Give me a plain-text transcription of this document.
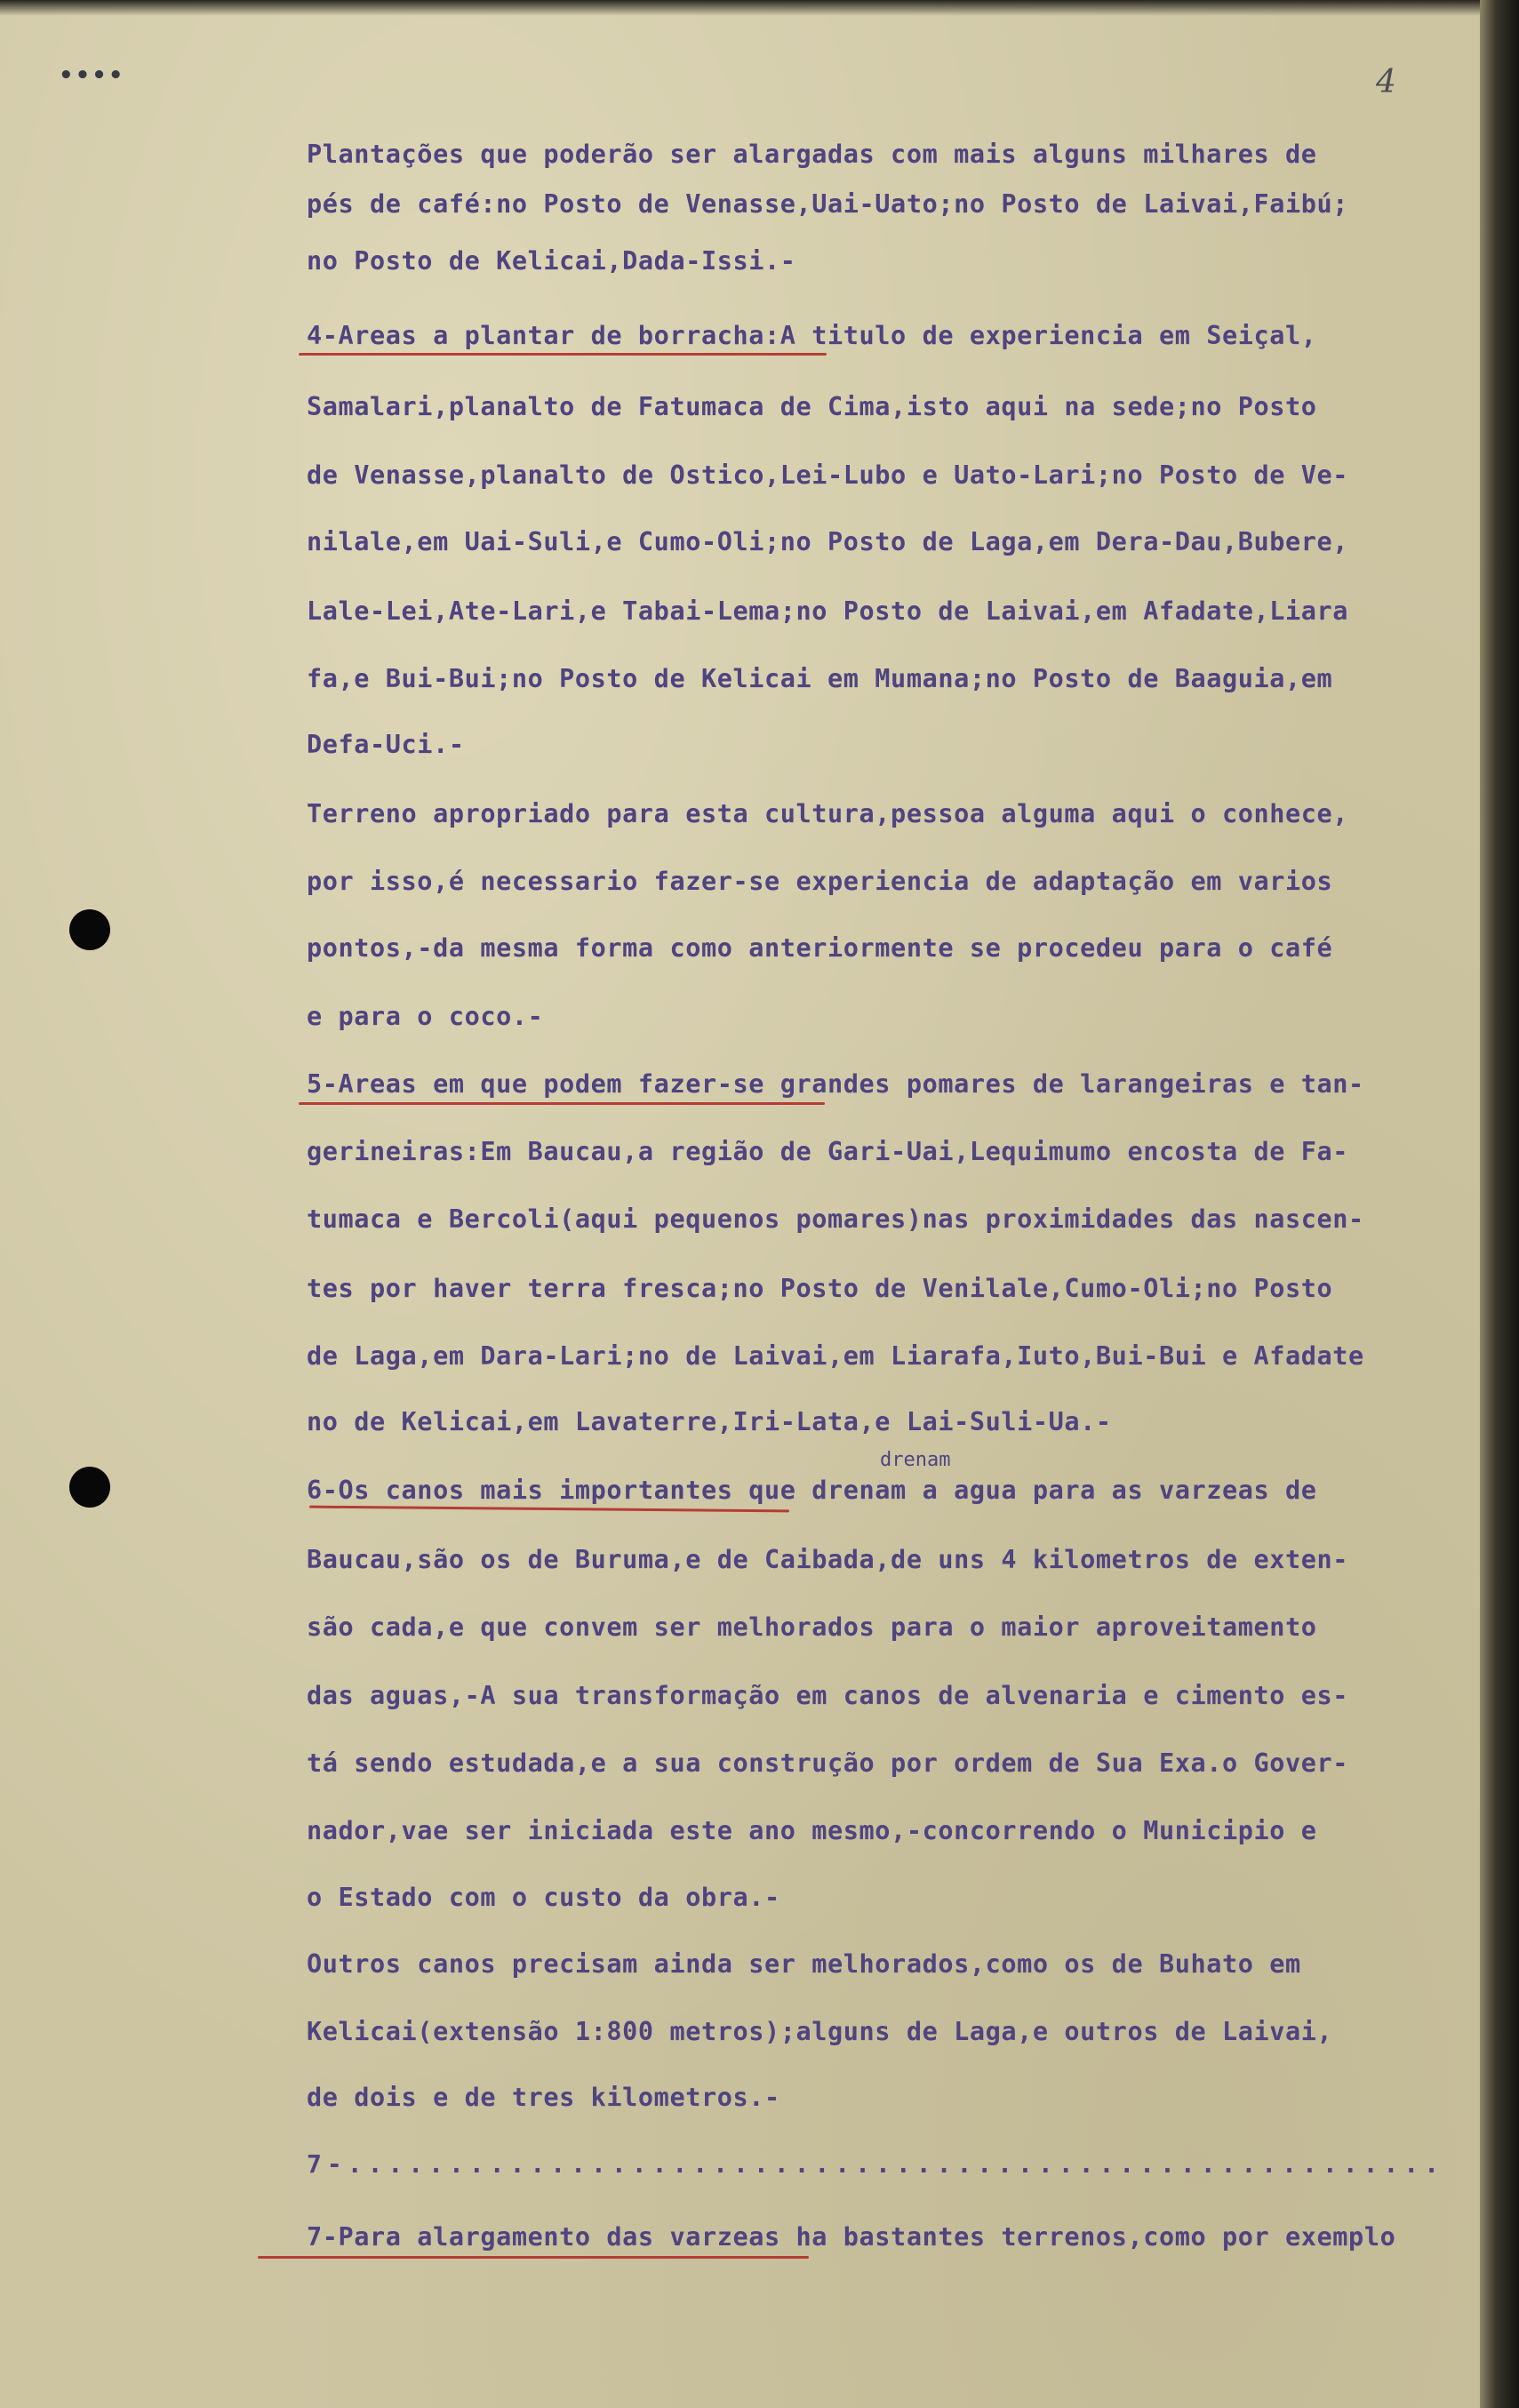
••••	4
Plantações que poderão ser alargadas com mais alguns milhares de
pés de café:no Posto de Venasse,Uai-Uato;no Posto de Laivai,Faibú;
no Posto de Kelicai,Dada-Issi.-
4-Areas a plantar de borracha:A titulo de experiencia em Seiçal,
Samalari,planalto de Fatumaca de Cima,isto aqui na sede;no Posto
de Venasse,planalto de Ostico,Lei-Lubo e Uato-Lari;no Posto de Ve-
nilale,em Uai-Suli,e Cumo-Oli;no Posto de Laga,em Dera-Dau,Bubere,
Lale-Lei,Ate-Lari,e Tabai-Lema;no Posto de Laivai,em Afadate,Liara
fa,e Bui-Bui;no Posto de Kelicai em Mumana;no Posto de Baaguia,em
Defa-Uci.-
Terreno apropriado para esta cultura,pessoa alguma aqui o conhece,
por isso,é necessario fazer-se experiencia de adaptação em varios
pontos,-da mesma forma como anteriormente se procedeu para o café
e para o coco.-
5-Areas em que podem fazer-se grandes pomares de larangeiras e tan-
gerineiras:Em Baucau,a região de Gari-Uai,Lequimumo encosta de Fa-
tumaca e Bercoli(aqui pequenos pomares)nas proximidades das nascen-
tes por haver terra fresca;no Posto de Venilale,Cumo-Oli;no Posto
de Laga,em Dara-Lari;no de Laivai,em Liarafa,Iuto,Bui-Bui e Afadate
no de Kelicai,em Lavaterre,Iri-Lata,e Lai-Suli-Ua.-
drenam
6-Os canos mais importantes que drenam a agua para as varzeas de
Baucau,são os de Buruma,e de Caibada,de uns 4 kilometros de exten-
são cada,e que convem ser melhorados para o maior aproveitamento
das aguas,-A sua transformação em canos de alvenaria e cimento es-
tá sendo estudada,e a sua construção por ordem de Sua Exa.o Gover-
nador,vae ser iniciada este ano mesmo,-concorrendo o Municipio e
o Estado com o custo da obra.-
Outros canos precisam ainda ser melhorados,como os de Buhato em
Kelicai(extensão 1:800 metros);alguns de Laga,e outros de Laivai,
de dois e de tres kilometros.-
7-......................................................
7-Para alargamento das varzeas ha bastantes terrenos,como por exemplo
